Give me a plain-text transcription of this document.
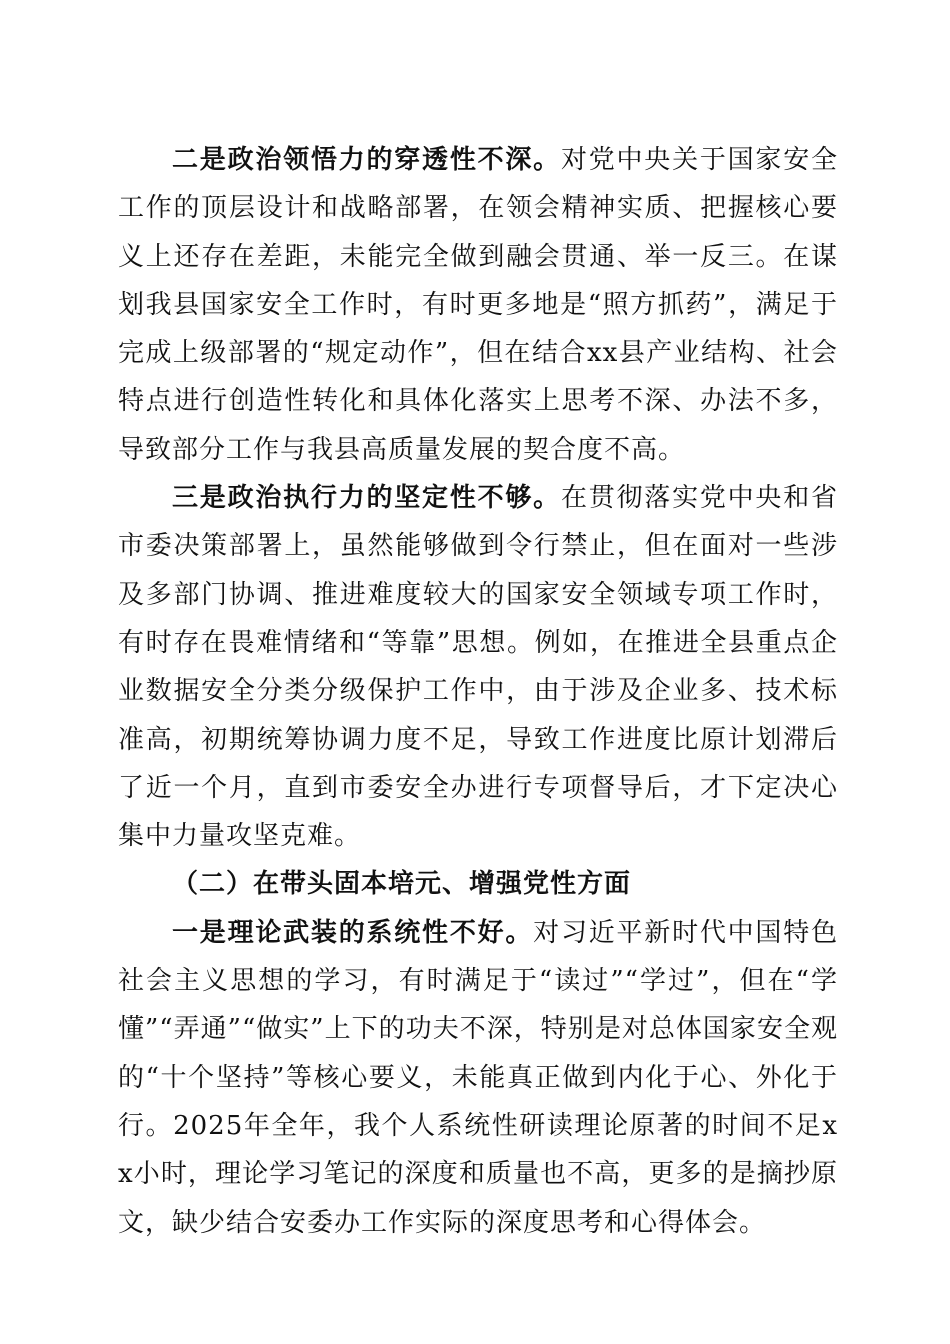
二是政治领悟力的穿透性不深。对党中央关于国家安全工作的顶层设计和战略部署，在领会精神实质、把握核心要义上还存在差距，未能完全做到融会贯通、举一反三。在谋划我县国家安全工作时，有时更多地是“照方抓药”，满足于完成上级部署的“规定动作”，但在结合xx县产业结构、社会特点进行创造性转化和具体化落实上思考不深、办法不多，导致部分工作与我县高质量发展的契合度不高。

三是政治执行力的坚定性不够。在贯彻落实党中央和省市委决策部署上，虽然能够做到令行禁止，但在面对一些涉及多部门协调、推进难度较大的国家安全领域专项工作时，有时存在畏难情绪和“等靠”思想。例如，在推进全县重点企业数据安全分类分级保护工作中，由于涉及企业多、技术标准高，初期统筹协调力度不足，导致工作进度比原计划滞后了近一个月，直到市委安全办进行专项督导后，才下定决心集中力量攻坚克难。

（二）在带头固本培元、增强党性方面

一是理论武装的系统性不好。对习近平新时代中国特色社会主义思想的学习，有时满足于“读过”“学过”，但在“学懂”“弄通”“做实”上下的功夫不深，特别是对总体国家安全观的“十个坚持”等核心要义，未能真正做到内化于心、外化于行。2025年全年，我个人系统性研读理论原著的时间不足xx小时，理论学习笔记的深度和质量也不高，更多的是摘抄原文，缺少结合安委办工作实际的深度思考和心得体会。
